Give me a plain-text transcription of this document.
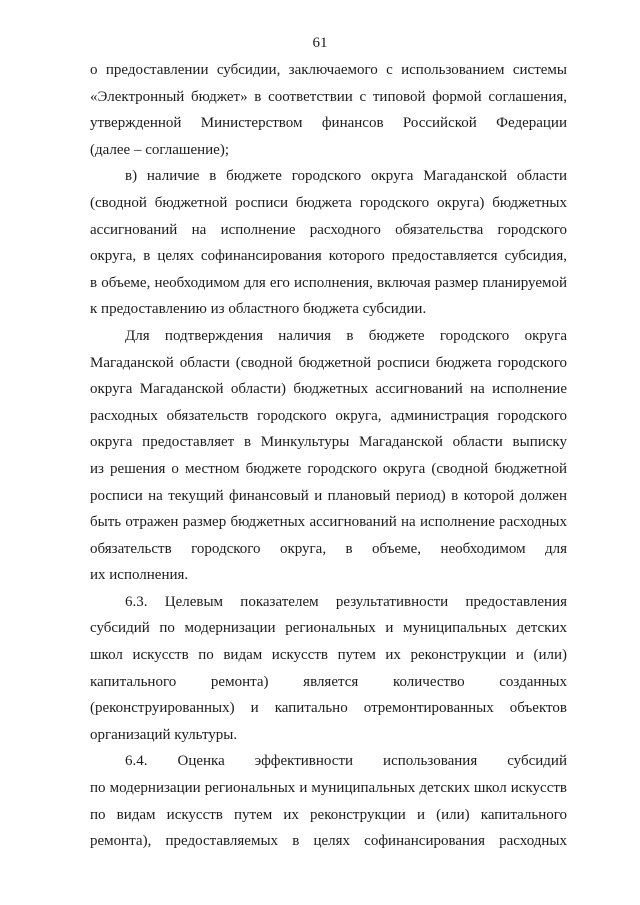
61
о предоставлении субсидии, заключаемого с использованием системы
«Электронный бюджет» в соответствии с типовой формой соглашения,
утвержденной Министерством финансов Российской Федерации
(далее – соглашение);
в) наличие в бюджете городского округа Магаданской области
(сводной бюджетной росписи бюджета городского округа) бюджетных
ассигнований на исполнение расходного обязательства городского
округа, в целях софинансирования которого предоставляется субсидия,
в объеме, необходимом для его исполнения, включая размер планируемой
к предоставлению из областного бюджета субсидии.
Для подтверждения наличия в бюджете городского округа
Магаданской области (сводной бюджетной росписи бюджета городского
округа Магаданской области) бюджетных ассигнований на исполнение
расходных обязательств городского округа, администрация городского
округа предоставляет в Минкультуры Магаданской области выписку
из решения о местном бюджете городского округа (сводной бюджетной
росписи на текущий финансовый и плановый период) в которой должен
быть отражен размер бюджетных ассигнований на исполнение расходных
обязательств городского округа, в объеме, необходимом для
их исполнения.
6.3. Целевым показателем результативности предоставления
субсидий по модернизации региональных и муниципальных детских
школ искусств по видам искусств путем их реконструкции и (или)
капитального ремонта) является количество созданных
(реконструированных) и капитально отремонтированных объектов
организаций культуры.
6.4. Оценка эффективности использования субсидий
по модернизации региональных и муниципальных детских школ искусств
по видам искусств путем их реконструкции и (или) капитального
ремонта), предоставляемых в целях софинансирования расходных
